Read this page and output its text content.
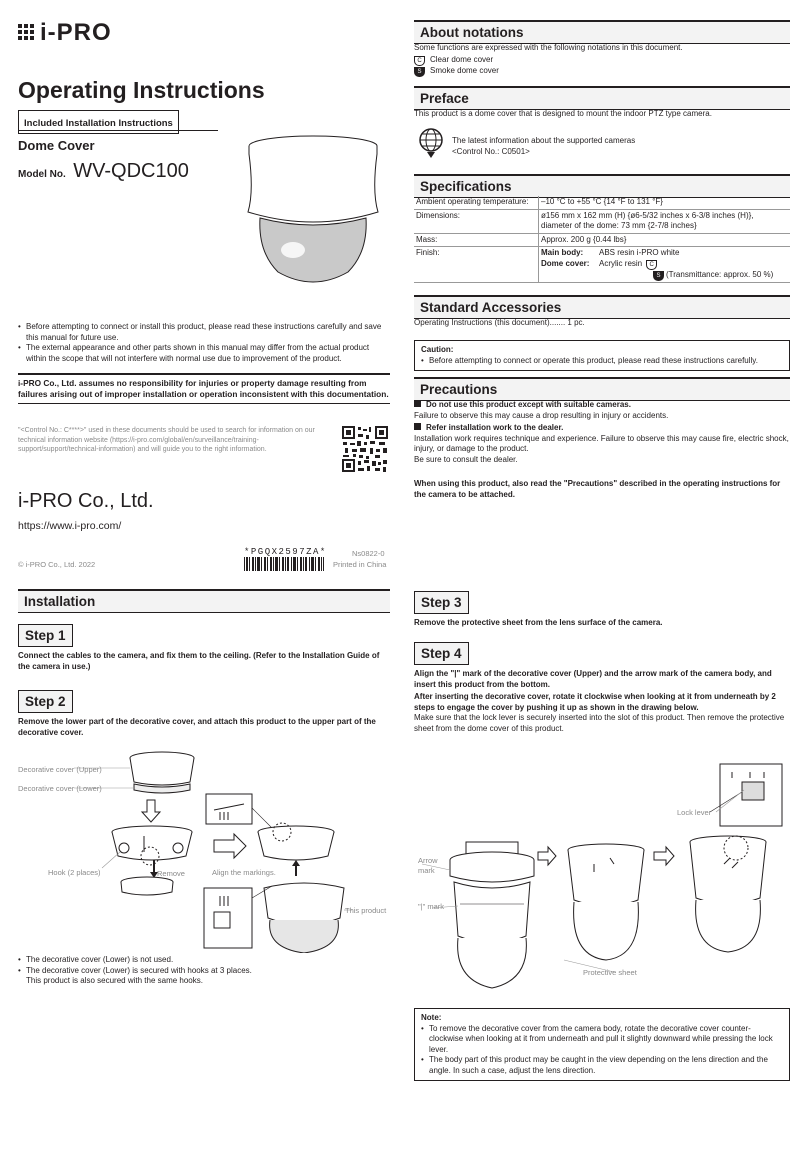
i-PRO
Operating Instructions
Included Installation Instructions
Dome Cover
Model No. WV-QDC100
• Before attempting to connect or install this product, please read these instructions carefully and save this manual for future use.
• The external appearance and other parts shown in this manual may differ from the actual product within the scope that will not interfere with normal use due to improvement of the product.
i-PRO Co., Ltd. assumes no responsibility for injuries or property damage resulting from failures arising out of improper installation or operation inconsistent with this documentation.
"<Control No.: C****>" used in these documents should be used to search for information on our technical information website (https://i-pro.com/global/en/surveillance/training-support/support/technical-information) and will guide you to the right information.
i-PRO Co., Ltd.
https://www.i-pro.com/
© i-PRO Co., Ltd. 2022
*PGQX2597ZA*	Ns0822-0
Printed in China
About notations
Some functions are expressed with the following notations in this document.
C Clear dome cover
S Smoke dome cover
Preface
This product is a dome cover that is designed to mount the indoor PTZ type camera.
The latest information about the supported cameras
<Control No.: C0501>
Specifications
Ambient operating temperature:	–10 °C to +55 °C {14 °F to 131 °F}
Dimensions:	ø156 mm x 162 mm (H) {ø6-5/32 inches x 6-3/8 inches (H)},
diameter of the dome: 73 mm {2-7/8 inches}

Mass:	Approx. 200 g {0.44 lbs}
Finish:	Main body: ABS resin i-PRO white
Dome cover: Acrylic resin C
S (Transmittance: approx. 50 %)
Standard Accessories
Operating Instructions (this document)....... 1 pc.
Caution:
• Before attempting to connect or operate this product, please read these instructions carefully.
Precautions
Do not use this product except with suitable cameras.
Failure to observe this may cause a drop resulting in injury or accidents.
Refer installation work to the dealer.
Installation work requires technique and experience. Failure to observe this may cause fire, electric shock, injury, or damage to the product.
Be sure to consult the dealer.
When using this product, also read the "Precautions" described in the operating instructions for the camera to be attached.
Installation
Step 1
Connect the cables to the camera, and fix them to the ceiling. (Refer to the Installation Guide of the camera in use.)
Step 2
Remove the lower part of the decorative cover, and attach this product to the upper part of the decorative cover.
Decorative cover (Upper)
Decorative cover (Lower)
Hook (2 places)	Remove	Align the markings.
This product
• The decorative cover (Lower) is not used.
• The decorative cover (Lower) is secured with hooks at 3 places.
This product is also secured with the same hooks.
Step 3
Remove the protective sheet from the lens surface of the camera.
Step 4
Align the "|" mark of the decorative cover (Upper) and the arrow mark of the camera body, and insert this product from the bottom.
After inserting the decorative cover, rotate it clockwise when looking at it from underneath by 2 steps to engage the cover by pushing it up as shown in the drawing below.
Make sure that the lock lever is securely inserted into the slot of this product. Then remove the protective sheet from the dome cover of this product.
Lock lever
Arrow mark
"|" mark
Protective sheet
Note:
• To remove the decorative cover from the camera body, rotate the decorative cover counter-clockwise when looking at it from underneath and pull it slightly downward while pressing the lock lever.
• The body part of this product may be caught in the view depending on the lens direction and the angle. In such a case, adjust the lens direction.
